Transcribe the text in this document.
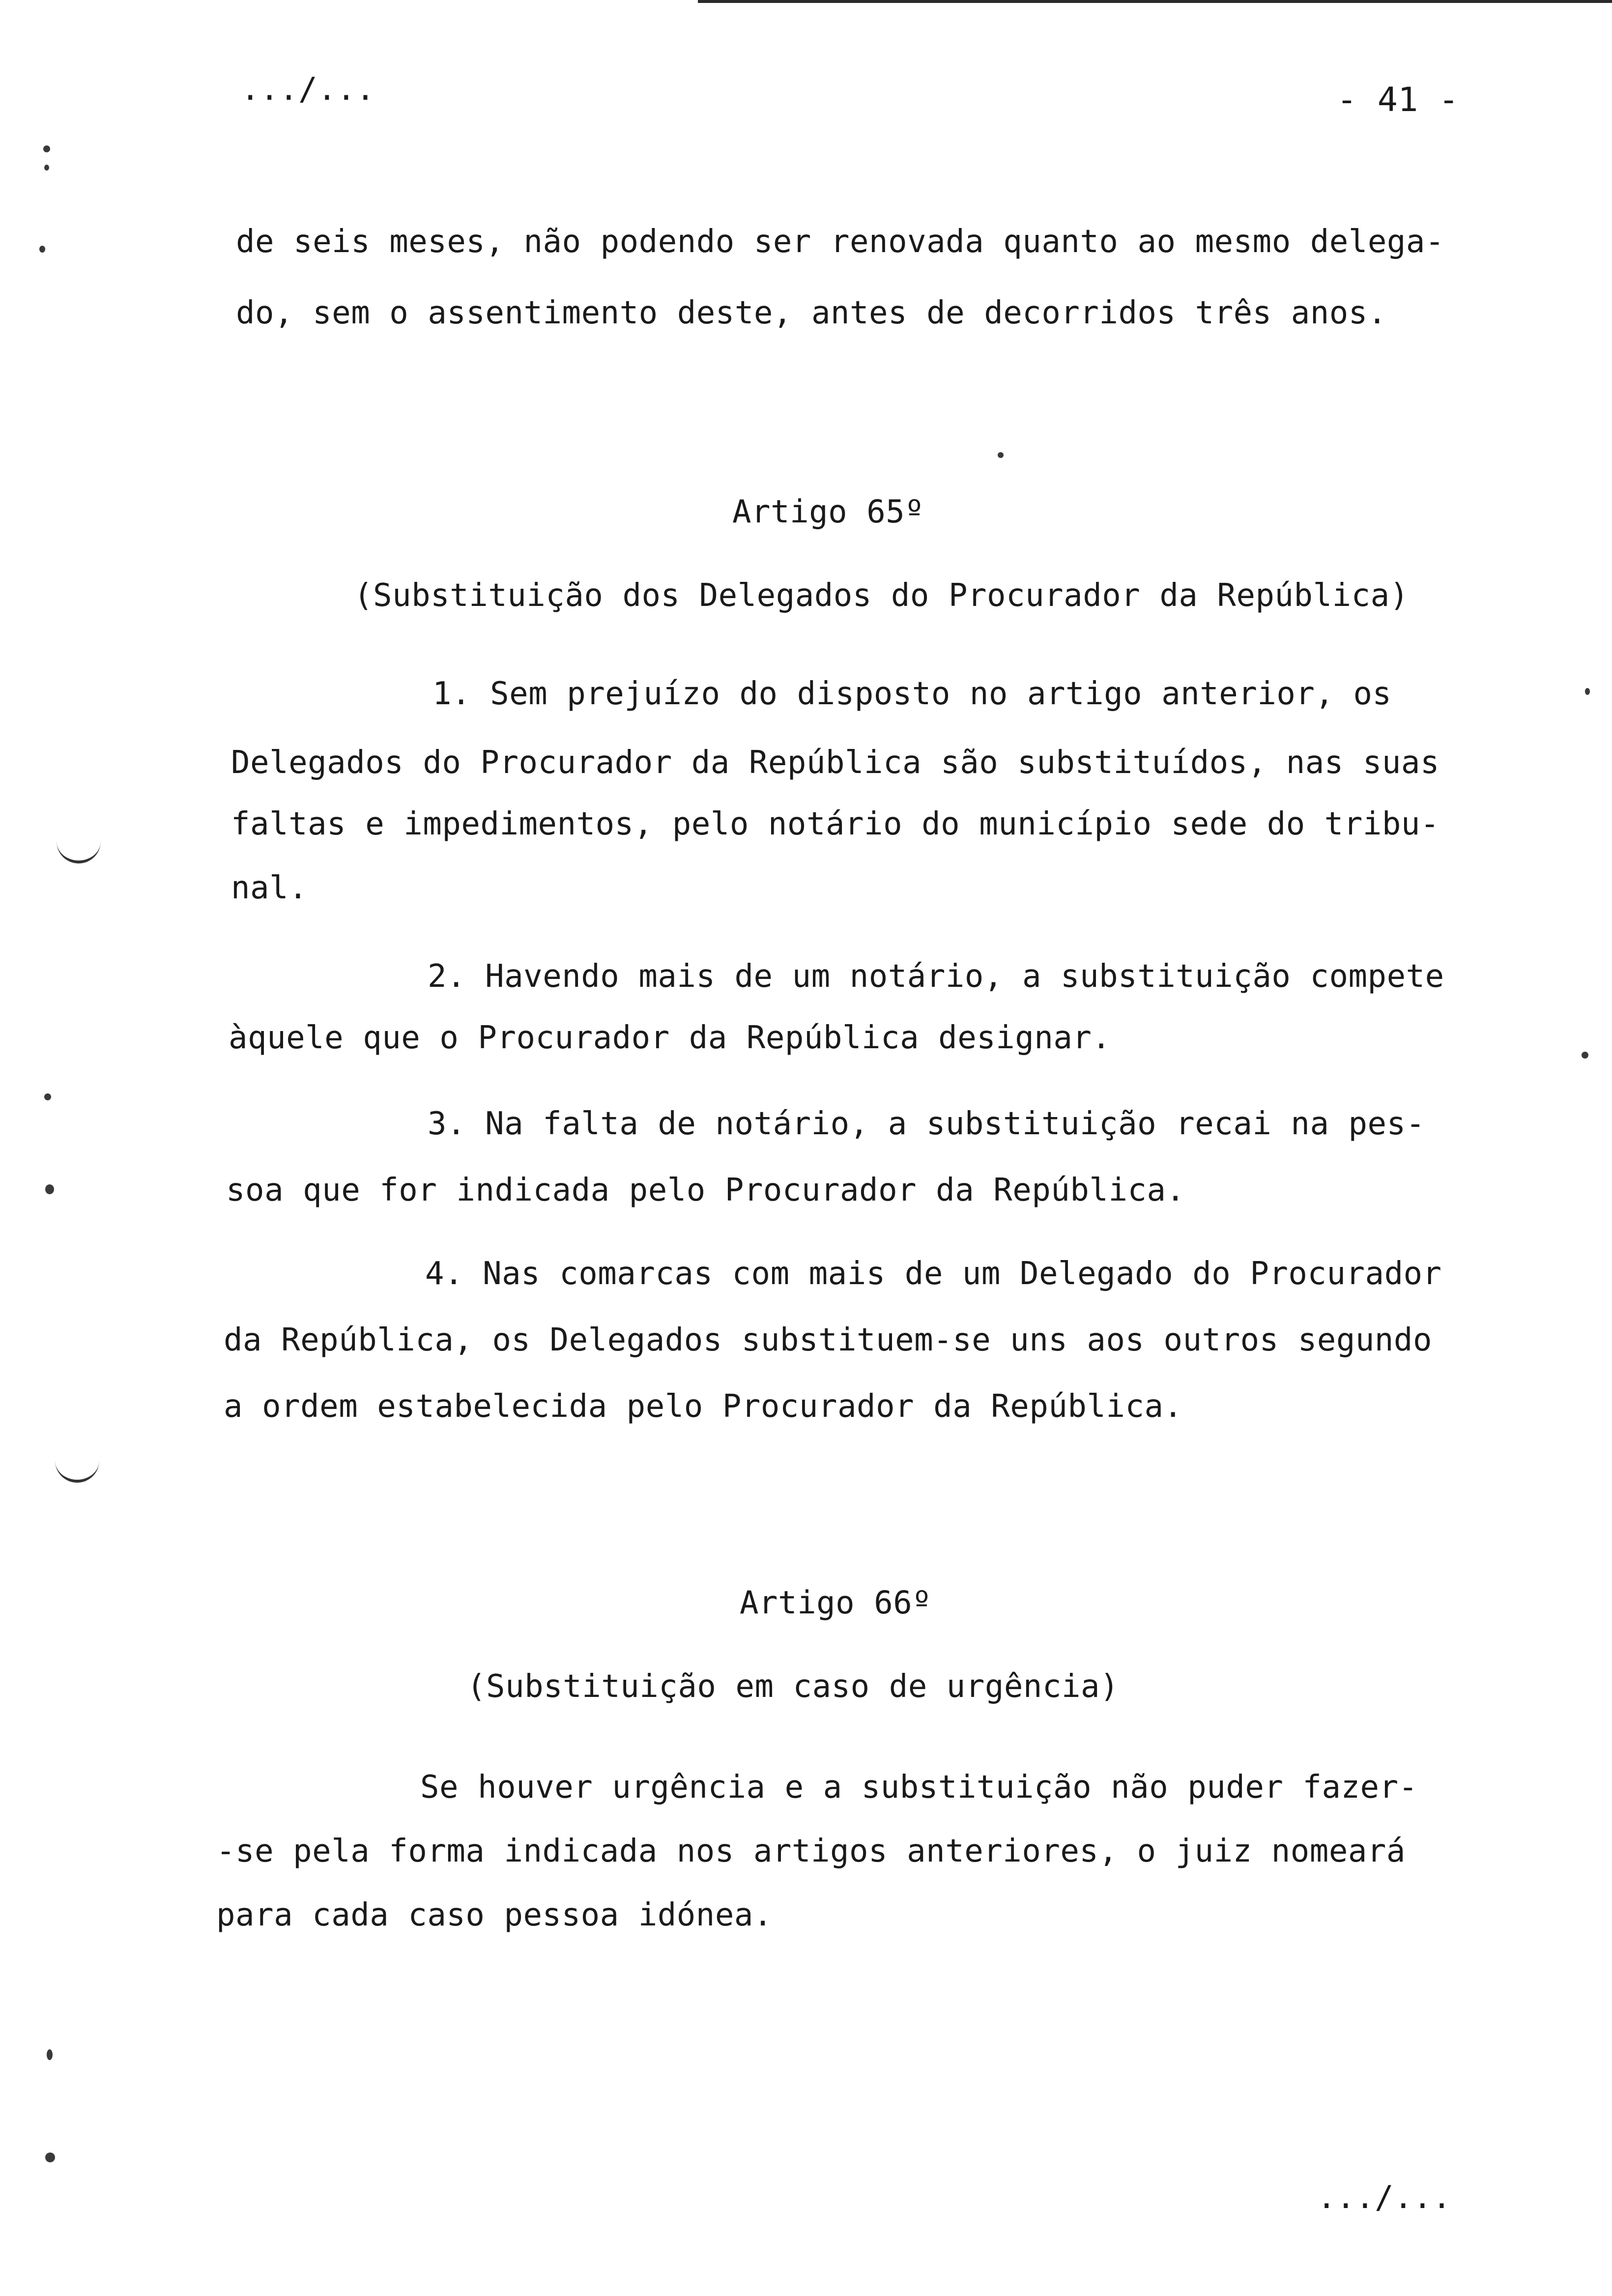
.../...	- 41 -
de seis meses, não podendo ser renovada quanto ao mesmo delega-
do, sem o assentimento deste, antes de decorridos três anos.
Artigo 65º
(Substituição dos Delegados do Procurador da República)
1. Sem prejuízo do disposto no artigo anterior, os
Delegados do Procurador da República são substituídos, nas suas
faltas e impedimentos, pelo notário do município sede do tribu-
nal.
2. Havendo mais de um notário, a substituição compete
àquele que o Procurador da República designar.
3. Na falta de notário, a substituição recai na pes-
soa que for indicada pelo Procurador da República.
4. Nas comarcas com mais de um Delegado do Procurador
da República, os Delegados substituem-se uns aos outros segundo
a ordem estabelecida pelo Procurador da República.
Artigo 66º
(Substituição em caso de urgência)
Se houver urgência e a substituição não puder fazer-
-se pela forma indicada nos artigos anteriores, o juiz nomeará
para cada caso pessoa idónea.
.../...
